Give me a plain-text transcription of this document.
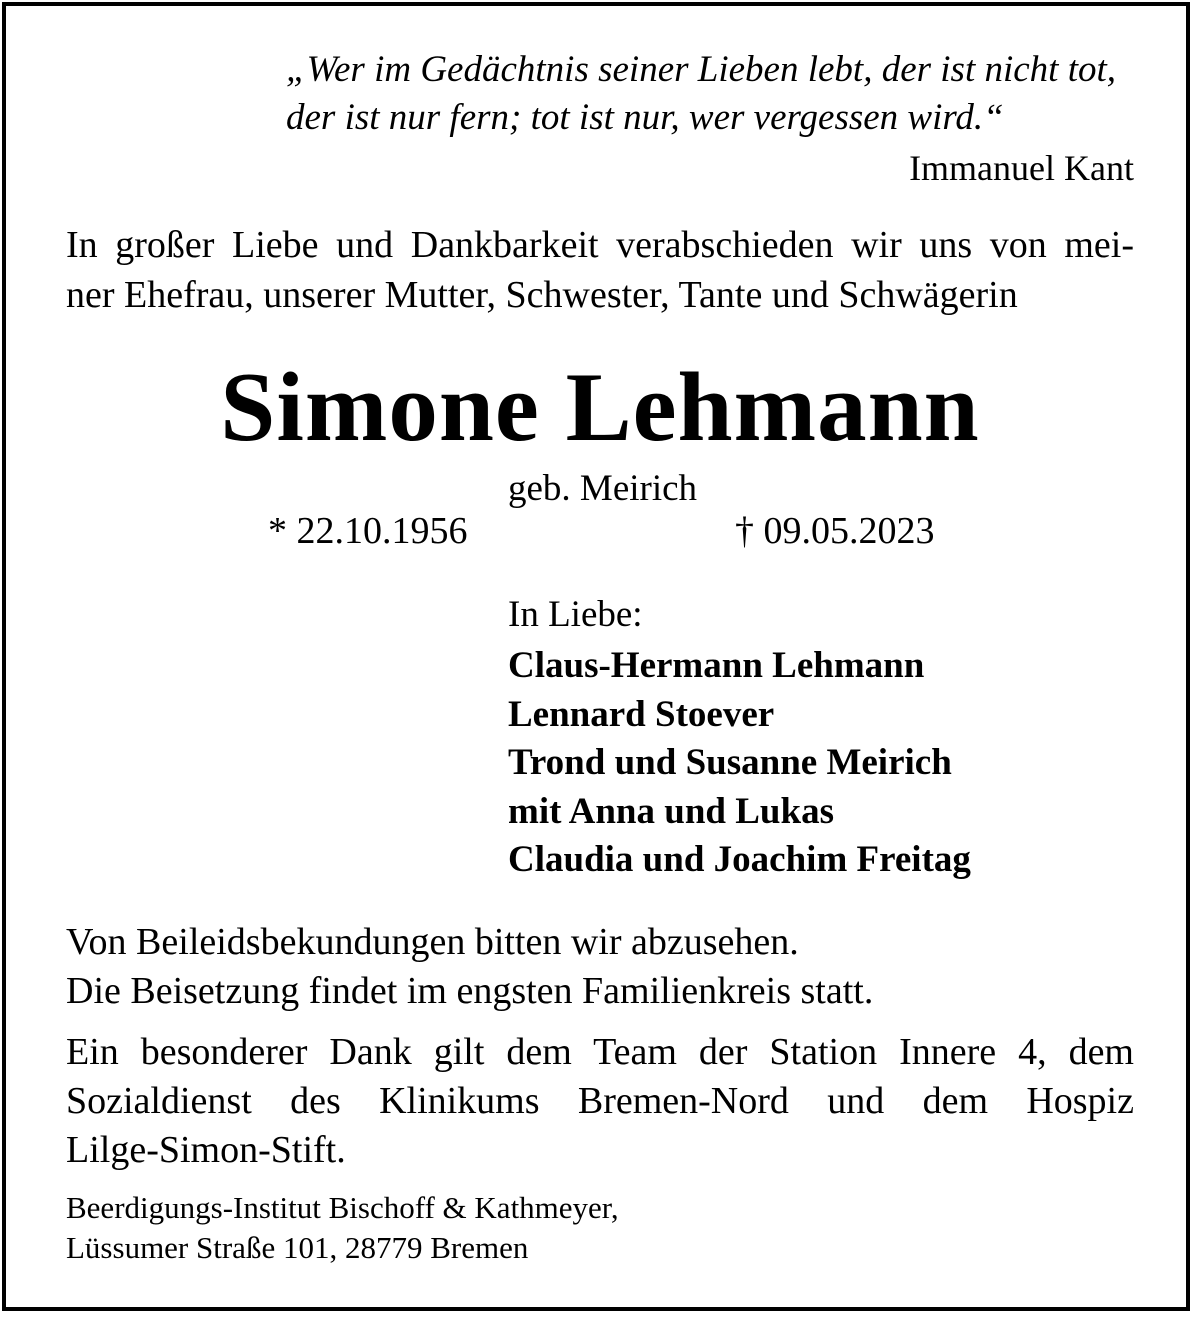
„Wer im Gedächtnis seiner Lieben lebt, der ist nicht tot,
der ist nur fern; tot ist nur, wer vergessen wird.“
Immanuel Kant
In großer Liebe und Dankbarkeit verabschieden wir uns von mei-
ner Ehefrau, unserer Mutter, Schwester, Tante und Schwägerin
Simone Lehmann
geb. Meirich
* 22.10.1956	† 09.05.2023
In Liebe:
Claus-Hermann Lehmann
Lennard Stoever
Trond und Susanne Meirich
mit Anna und Lukas
Claudia und Joachim Freitag
Von Beileidsbekundungen bitten wir abzusehen.
Die Beisetzung findet im engsten Familienkreis statt.
Ein besonderer Dank gilt dem Team der Station Innere 4, dem
Sozialdienst des Klinikums Bremen-Nord und dem Hospiz
Lilge-Simon-Stift.
Beerdigungs-Institut Bischoff & Kathmeyer,
Lüssumer Straße 101, 28779 Bremen
